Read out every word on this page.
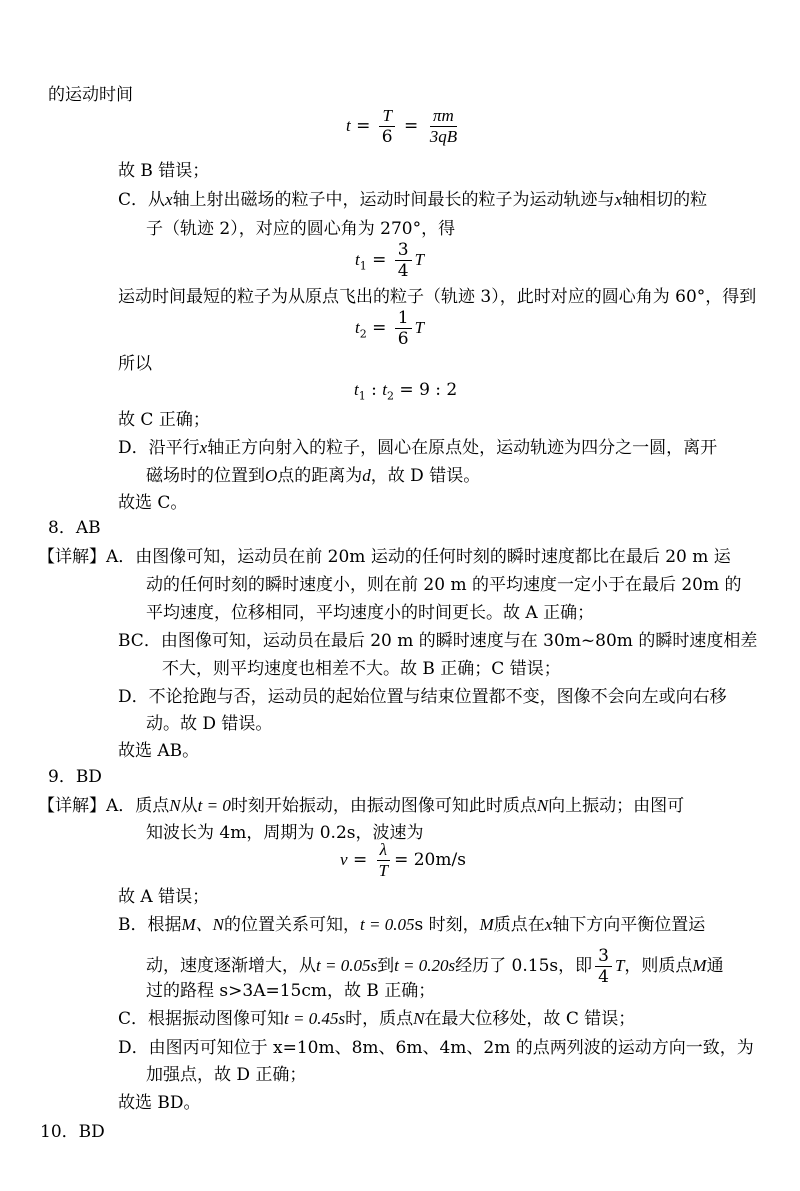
的运动时间
$t = \frac{T}{6} = \frac{\pi m}{3qB}$
故 B 错误；
C．从x轴上射出磁场的粒子中，运动时间最长的粒子为运动轨迹与x轴相切的粒
子（轨迹 2），对应的圆心角为 270°，得
$t_1 = \frac{3}{4}$ T
运动时间最短的粒子为从原点飞出的粒子（轨迹 3），此时对应的圆心角为 60°，得到
$t_2 = \frac{1}{6}$ T
所以
$t_1$ : $t_2 = 9$ : 2
故 C 正确；
D．沿平行x轴正方向射入的粒子，圆心在原点处，运动轨迹为四分之一圆，离开
磁场时的位置到O点的距离为d，故 D 错误。
故选 C。
8．AB
【详解】A．由图像可知，运动员在前 20m 运动的任何时刻的瞬时速度都比在最后 20 m 运
动的任何时刻的瞬时速度小，则在前 20 m 的平均速度一定小于在最后 20m 的
平均速度，位移相同，平均速度小的时间更长。故 A 正确；
BC．由图像可知，运动员在最后 20 m 的瞬时速度与在 30m~80m 的瞬时速度相差
不大，则平均速度也相差不大。故 B 正确；C 错误；
D．不论抢跑与否，运动员的起始位置与结束位置都不变，图像不会向左或向右移
动。故 D 错误。
故选 AB。
9．BD
【详解】A．质点N从t = 0时刻开始振动，由振动图像可知此时质点N向上振动；由图可
知波长为 4m，周期为 0.2s，波速为
$v = \frac{\lambda}{T} = 20m/s$
故 A 错误；
B．根据M、N的位置关系可知，t = 0.05s 时刻，M质点在x轴下方向平衡位置运
动，速度逐渐增大，从t = 0.05s到t = 0.20s经历了 0.15s，即 $\frac{3}{4}$ T，则质点M通
过的路程 s>3A=15cm，故 B 正确；
C．根据振动图像可知t = 0.45s时，质点N在最大位移处，故 C 错误；
D．由图丙可知位于 x=10m、8m、6m、4m、2m 的点两列波的运动方向一致，为
加强点，故 D 正确；
故选 BD。
10．BD
